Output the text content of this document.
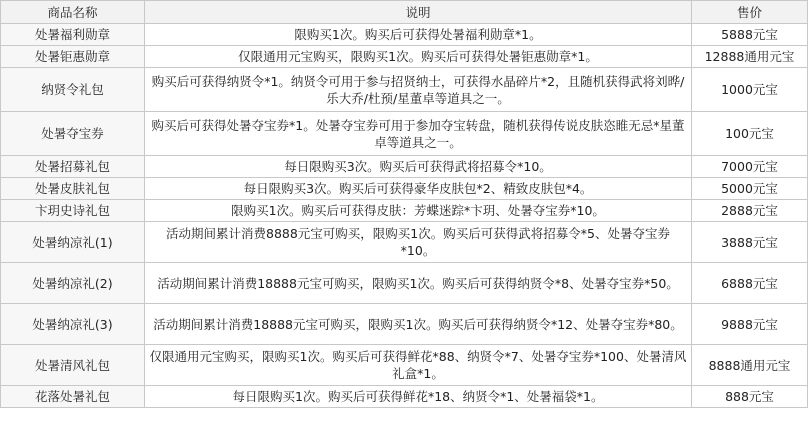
商品名称	说明	售价
处暑福利勋章	限购买1次。购买后可获得处暑福利勋章*1。	5888元宝
处暑钜惠勋章	仅限通用元宝购买，限购买1次。购买后可获得处暑钜惠勋章*1。	12888通用元宝
纳贤令礼包	购买后可获得纳贤令*1。纳贤令可用于参与招贤纳士，可获得水晶碎片*2，且随机获得武将刘晔/乐大乔/杜预/星董卓等道具之一。	1000元宝
处暑夺宝券	购买后可获得处暑夺宝券*1。处暑夺宝券可用于参加夺宝转盘，随机获得传说皮肤恣睢无忌*星董卓等道具之一。	100元宝
处暑招募礼包	每日限购买3次。购买后可获得武将招募令*10。	7000元宝
处暑皮肤礼包	每日限购买3次。购买后可获得豪华皮肤包*2、精致皮肤包*4。	5000元宝
卞玥史诗礼包	限购买1次。购买后可获得皮肤：芳蝶迷踪*卞玥、处暑夺宝券*10。	2888元宝
处暑纳凉礼(1)	活动期间累计消费8888元宝可购买，限购买1次。购买后可获得武将招募令*5、处暑夺宝券*10。	3888元宝
处暑纳凉礼(2)	活动期间累计消费18888元宝可购买，限购买1次。购买后可获得纳贤令*8、处暑夺宝券*50。	6888元宝
处暑纳凉礼(3)	活动期间累计消费18888元宝可购买，限购买1次。购买后可获得纳贤令*12、处暑夺宝券*80。	9888元宝
处暑清风礼包	仅限通用元宝购买，限购买1次。购买后可获得鲜花*88、纳贤令*7、处暑夺宝券*100、处暑清风礼盒*1。	8888通用元宝
花落处暑礼包	每日限购买1次。购买后可获得鲜花*18、纳贤令*1、处暑福袋*1。	888元宝
